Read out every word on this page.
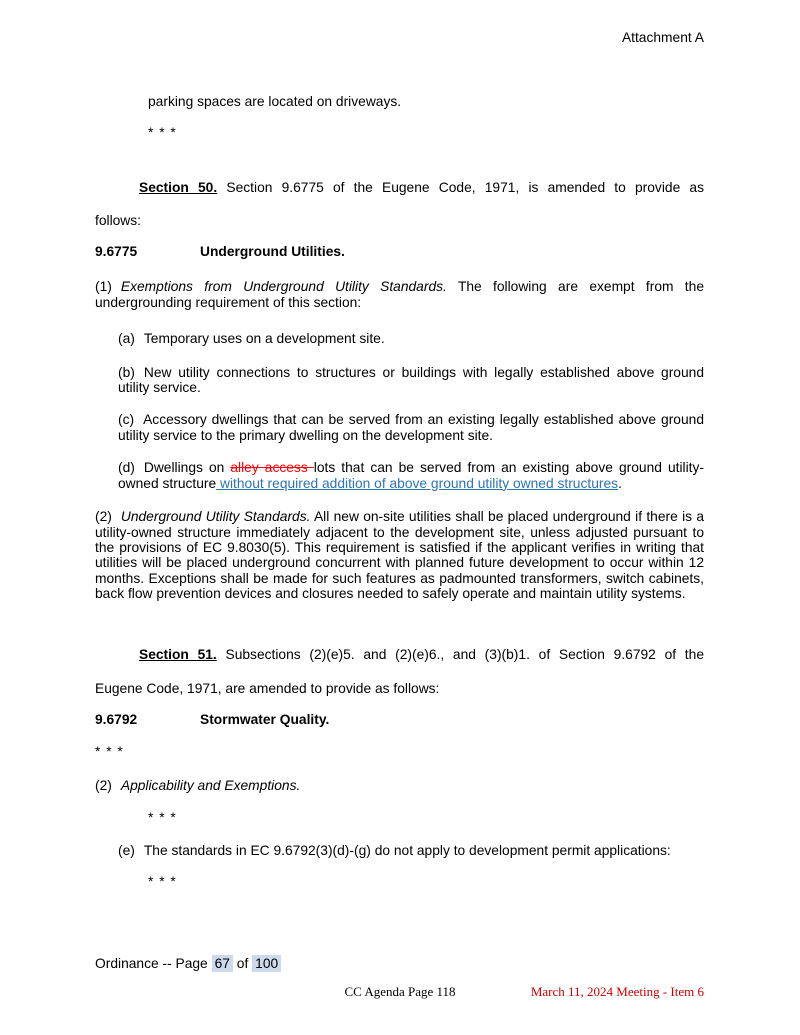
Attachment A
parking spaces are located on driveways.
* * *
Section 50. Section 9.6775 of the Eugene Code, 1971, is amended to provide as
follows:
9.6775	Underground Utilities.
(1) Exemptions from Underground Utility Standards. The following are exempt from the undergrounding requirement of this section:
(a) Temporary uses on a development site.
(b) New utility connections to structures or buildings with legally established above ground utility service.
(c) Accessory dwellings that can be served from an existing legally established above ground utility service to the primary dwelling on the development site.
(d) Dwellings on alley access lots that can be served from an existing above ground utility-owned structure without required addition of above ground utility owned structures.
(2) Underground Utility Standards. All new on-site utilities shall be placed underground if there is a utility-owned structure immediately adjacent to the development site, unless adjusted pursuant to the provisions of EC 9.8030(5). This requirement is satisfied if the applicant verifies in writing that utilities will be placed underground concurrent with planned future development to occur within 12 months. Exceptions shall be made for such features as padmounted transformers, switch cabinets, back flow prevention devices and closures needed to safely operate and maintain utility systems.
Section 51. Subsections (2)(e)5. and (2)(e)6., and (3)(b)1. of Section 9.6792 of the
Eugene Code, 1971, are amended to provide as follows:
9.6792	Stormwater Quality.
* * *
(2) Applicability and Exemptions.
* * *
(e) The standards in EC 9.6792(3)(d)-(g) do not apply to development permit applications:
* * *
Ordinance -- Page 67 of 100
CC Agenda Page 118	March 11, 2024 Meeting - Item 6
